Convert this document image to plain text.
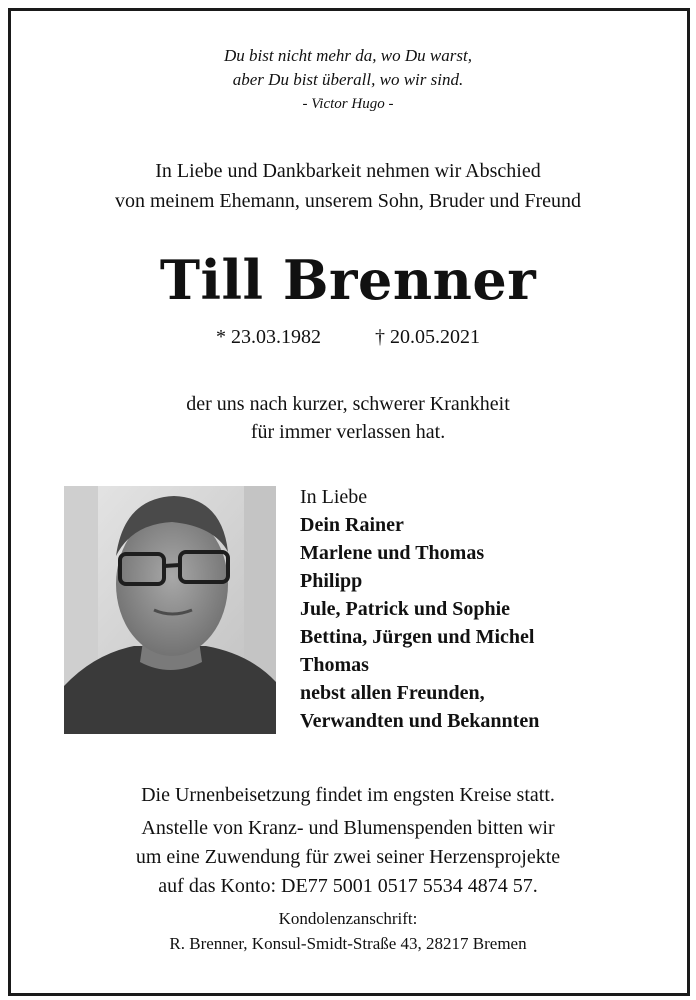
Du bist nicht mehr da, wo Du warst,
aber Du bist überall, wo wir sind.
- Victor Hugo -
In Liebe und Dankbarkeit nehmen wir Abschied
von meinem Ehemann, unserem Sohn, Bruder und Freund
Till Brenner
* 23.03.1982	† 20.05.2021
der uns nach kurzer, schwerer Krankheit
für immer verlassen hat.
In Liebe
Dein Rainer
Marlene und Thomas
Philipp
Jule, Patrick und Sophie
Bettina, Jürgen und Michel
Thomas
nebst allen Freunden,
Verwandten und Bekannten
Die Urnenbeisetzung findet im engsten Kreise statt.
Anstelle von Kranz- und Blumenspenden bitten wir
um eine Zuwendung für zwei seiner Herzensprojekte
auf das Konto: DE77 5001 0517 5534 4874 57.
Kondolenzanschrift:
R. Brenner, Konsul-Smidt-Straße 43, 28217 Bremen
